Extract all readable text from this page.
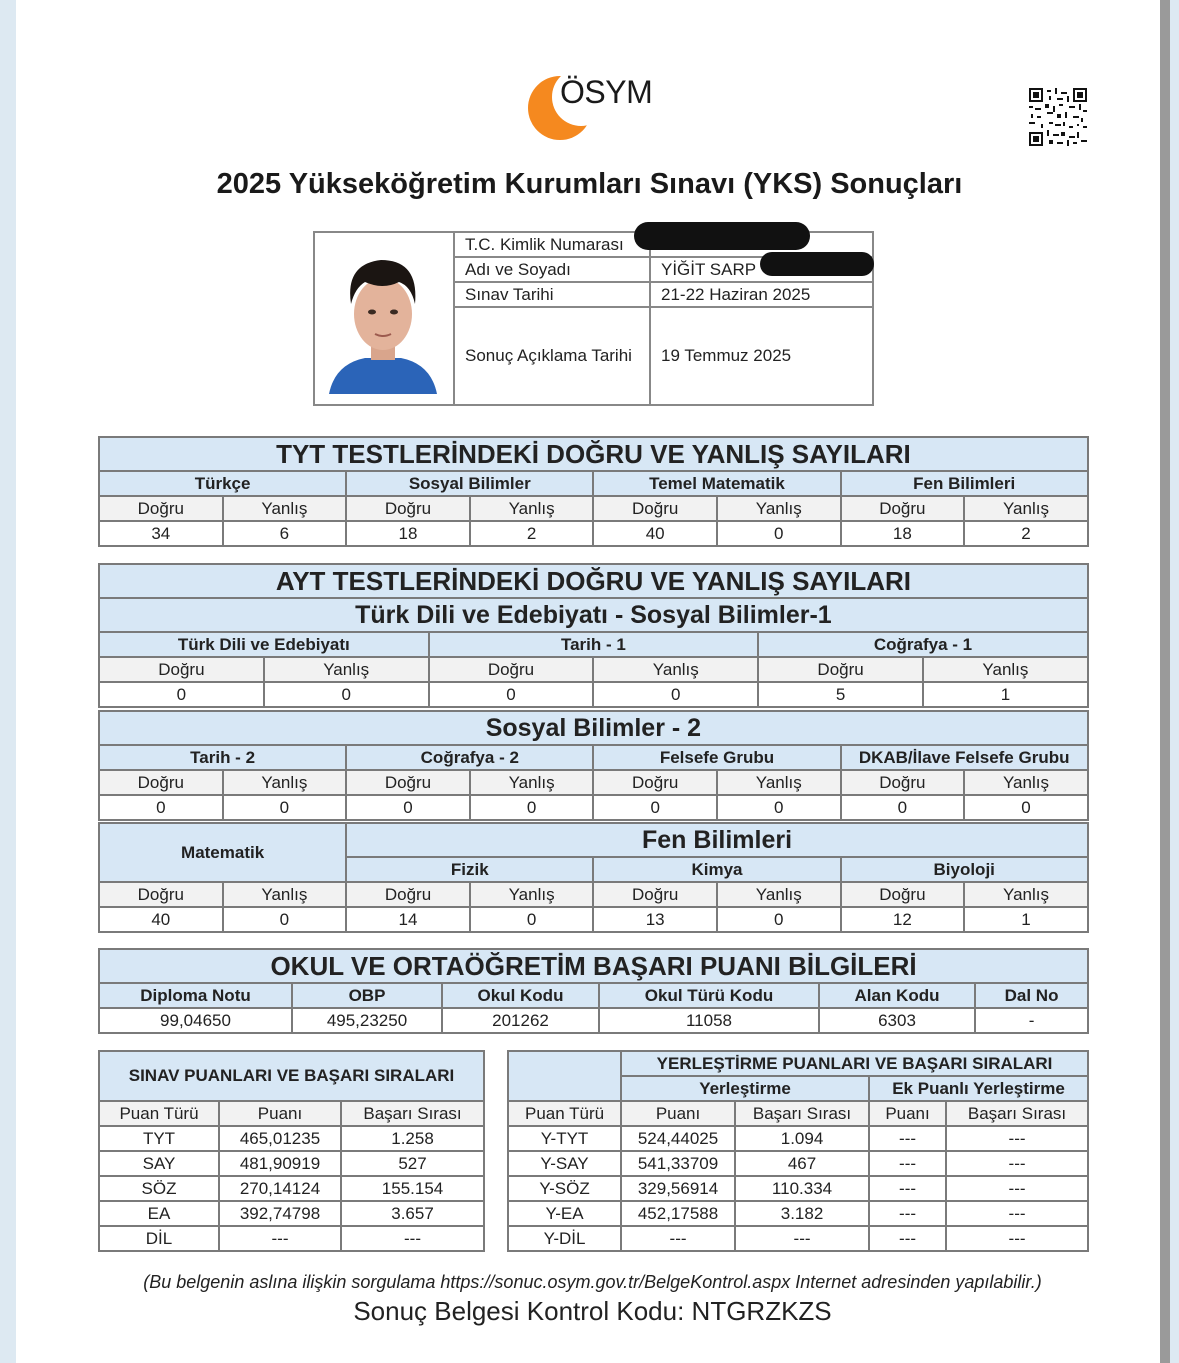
ÖSYM
2025 Yükseköğretim Kurumları Sınavı (YKS) Sonuçları
	T.C. Kimlik Numarası	
	Adı ve Soyadı	YİĞİT SARP
	Sınav Tarihi	21-22 Haziran 2025
	Sonuç Açıklama Tarihi	19 Temmuz 2025
TYT TESTLERİNDEKİ DOĞRU VE YANLIŞ SAYILARI							
Türkçe		Sosyal Bilimler		Temel Matematik		Fen Bilimleri	
Doğru	Yanlış	Doğru	Yanlış	Doğru	Yanlış	Doğru	Yanlış
34	6	18	2	40	0	18	2
AYT TESTLERİNDEKİ DOĞRU VE YANLIŞ SAYILARI					
Türk Dili ve Edebiyatı - Sosyal Bilimler-1					
Türk Dili ve Edebiyatı		Tarih - 1		Coğrafya - 1	
Doğru	Yanlış	Doğru	Yanlış	Doğru	Yanlış
0	0	0	0	5	1
Sosyal Bilimler - 2							
Tarih - 2		Coğrafya - 2		Felsefe Grubu		DKAB/İlave Felsefe Grubu	
Doğru	Yanlış	Doğru	Yanlış	Doğru	Yanlış	Doğru	Yanlış
0	0	0	0	0	0	0	0
Matematik		Fen Bilimleri					
		Fizik		Kimya		Biyoloji	
Doğru	Yanlış	Doğru	Yanlış	Doğru	Yanlış	Doğru	Yanlış
40	0	14	0	13	0	12	1
OKUL VE ORTAÖĞRETİM BAŞARI PUANI BİLGİLERİ					
Diploma Notu	OBP	Okul Kodu	Okul Türü Kodu	Alan Kodu	Dal No
99,04650	495,23250	201262	11058	6303	-
SINAV PUANLARI VE BAŞARI SIRALARI					YERLEŞTİRME PUANLARI VE BAŞARI SIRALARI			
					Yerleştirme		Ek Puanlı Yerleştirme	
Puan Türü	Puanı	Başarı Sırası		Puan Türü	Puanı	Başarı Sırası	Puanı	Başarı Sırası
TYT	465,01235	1.258		Y-TYT	524,44025	1.094	---	---
SAY	481,90919	527		Y-SAY	541,33709	467	---	---
SÖZ	270,14124	155.154		Y-SÖZ	329,56914	110.334	---	---
EA	392,74798	3.657		Y-EA	452,17588	3.182	---	---
DİL	---	---		Y-DİL	---	---	---	---
(Bu belgenin aslına ilişkin sorgulama https://sonuc.osym.gov.tr/BelgeKontrol.aspx Internet adresinden yapılabilir.)
Sonuç Belgesi Kontrol Kodu: NTGRZKZS
